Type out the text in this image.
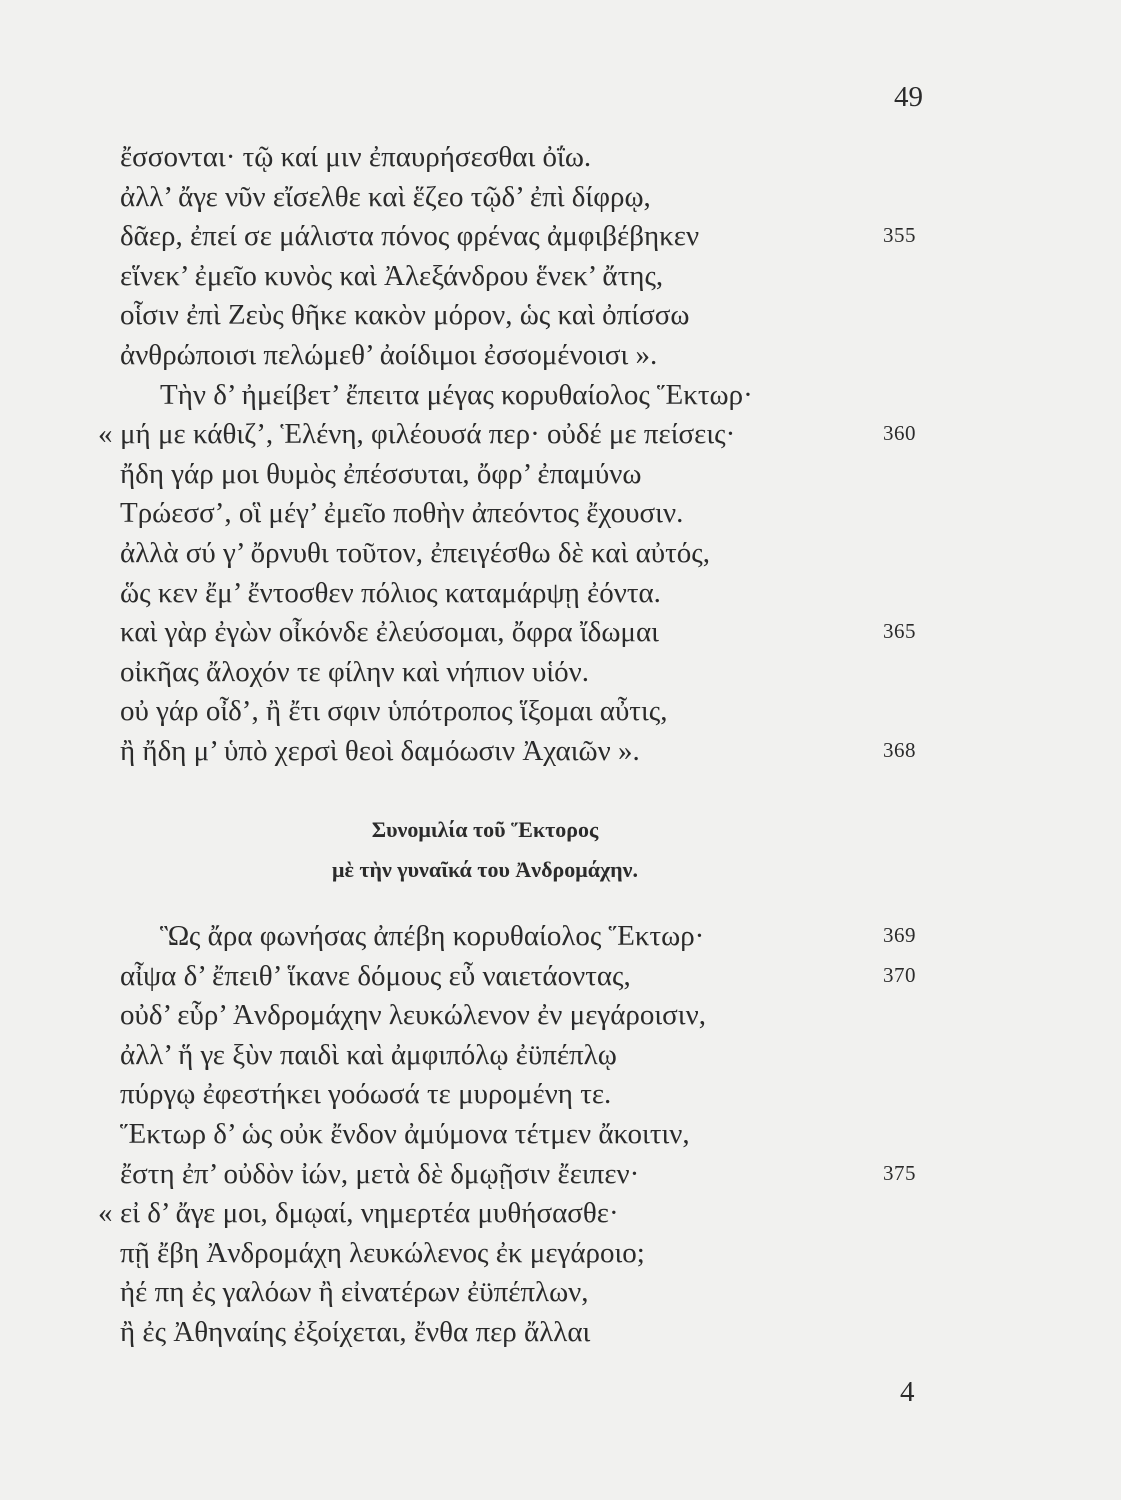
49
ἔσσονται· τῷ καί μιν ἐπαυρήσεσθαι ὀΐω.
ἀλλ’ ἄγε νῦν εἴσελθε καὶ ἕζεο τῷδ’ ἐπὶ δίφρῳ,
δᾶερ, ἐπεί σε μάλιστα πόνος φρένας ἀμφιβέβηκεν	355
εἵνεκ’ ἐμεῖο κυνὸς καὶ Ἀλεξάνδρου ἕνεκ’ ἄτης,
οἷσιν ἐπὶ Ζεὺς θῆκε κακὸν μόρον, ὡς καὶ ὀπίσσω
ἀνθρώποισι πελώμεθ’ ἀοίδιμοι ἐσσομένοισι ».
Τὴν δ’ ἠμείβετ’ ἔπειτα μέγας κορυθαίολος Ἕκτωρ·
« μή με κάθιζ’, Ἑλένη, φιλέουσά περ· οὐδέ με πείσεις·	360
ἤδη γάρ μοι θυμὸς ἐπέσσυται, ὄφρ’ ἐπαμύνω
Τρώεσσ’, οἳ μέγ’ ἐμεῖο ποθὴν ἀπεόντος ἔχουσιν.
ἀλλὰ σύ γ’ ὄρνυθι τοῦτον, ἐπειγέσθω δὲ καὶ αὐτός,
ὥς κεν ἔμ’ ἔντοσθεν πόλιος καταμάρψῃ ἐόντα.
καὶ γὰρ ἐγὼν οἶκόνδε ἐλεύσομαι, ὄφρα ἴδωμαι	365
οἰκῆας ἄλοχόν τε φίλην καὶ νήπιον υἱόν.
οὐ γάρ οἶδ’, ἢ ἔτι σφιν ὑπότροπος ἵξομαι αὖτις,
ἢ ἤδη μ’ ὑπὸ χερσὶ θεοὶ δαμόωσιν Ἀχαιῶν ».	368
Συνομιλία τοῦ Ἕκτορος
μὲ τὴν γυναῖκά του Ἀνδρομάχην.
Ὣς ἄρα φωνήσας ἀπέβη κορυθαίολος Ἕκτωρ·	369
αἶψα δ’ ἔπειθ’ ἵκανε δόμους εὖ ναιετάοντας,	370
οὐδ’ εὗρ’ Ἀνδρομάχην λευκώλενον ἐν μεγάροισιν,
ἀλλ’ ἥ γε ξὺν παιδὶ καὶ ἀμφιπόλῳ ἐϋπέπλῳ
πύργῳ ἐφεστήκει γοόωσά τε μυρομένη τε.
Ἕκτωρ δ’ ὡς οὐκ ἔνδον ἀμύμονα τέτμεν ἄκοιτιν,
ἔστη ἐπ’ οὐδὸν ἰών, μετὰ δὲ δμῳῇσιν ἔειπεν·	375
« εἰ δ’ ἄγε μοι, δμῳαί, νημερτέα μυθήσασθε·
πῇ ἔβη Ἀνδρομάχη λευκώλενος ἐκ μεγάροιο;
ἠέ πη ἐς γαλόων ἢ εἰνατέρων ἐϋπέπλων,
ἢ ἐς Ἀθηναίης ἐξοίχεται, ἔνθα περ ἄλλαι
4
